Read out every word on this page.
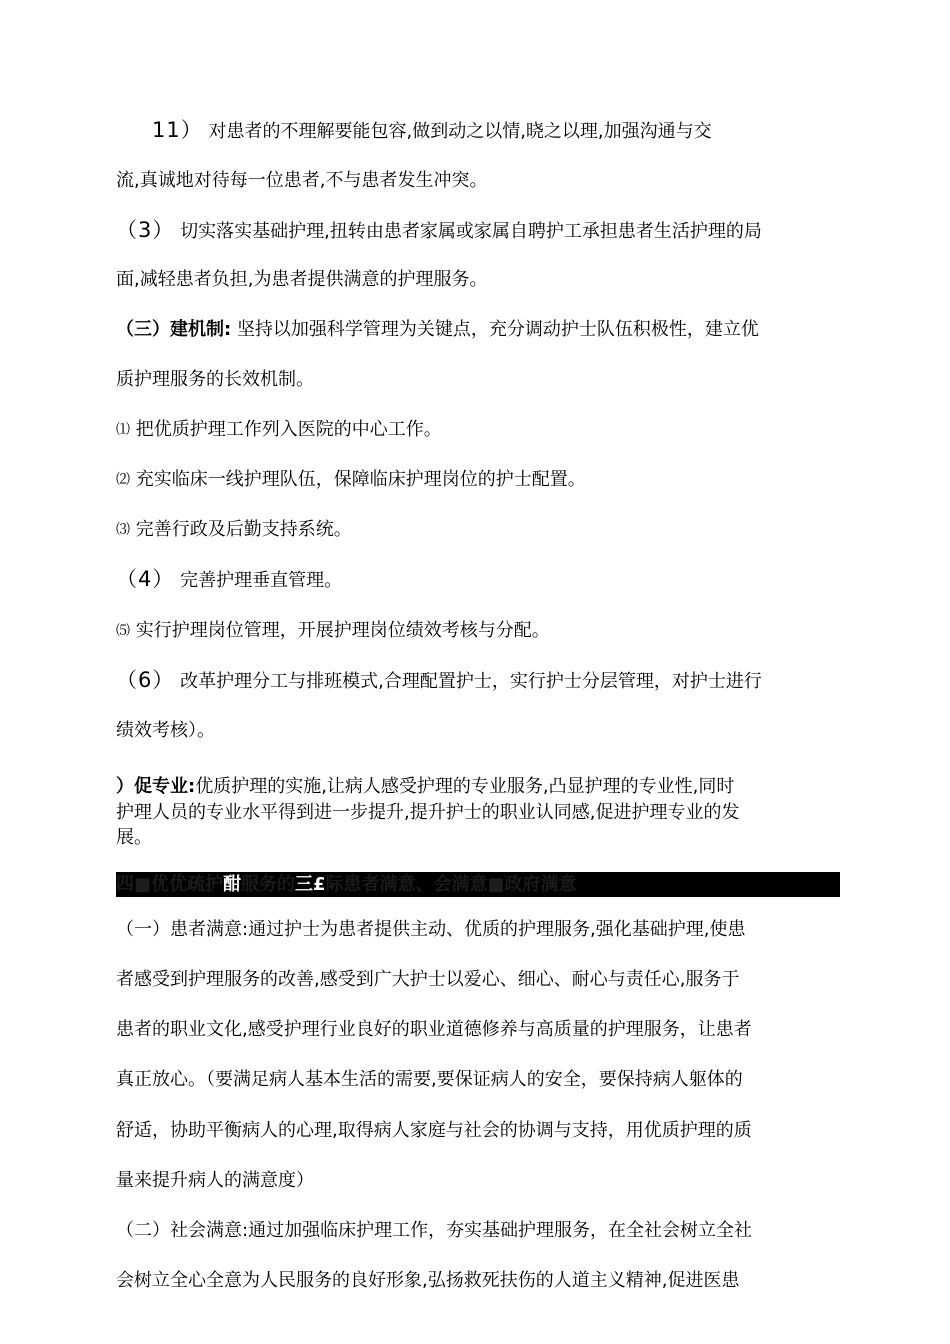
11） 对患者的不理解要能包容,做到动之以情,晓之以理,加强沟通与交
流,真诚地对待每一位患者,不与患者发生冲突。
（3） 切实落实基础护理,扭转由患者家属或家属自聘护工承担患者生活护理的局
面,减轻患者负担,为患者提供满意的护理服务。
（三）建机制: 坚持以加强科学管理为关键点，充分调动护士队伍积极性，建立优
质护理服务的长效机制。
⑴ 把优质护理工作列入医院的中心工作。
⑵ 充实临床一线护理队伍，保障临床护理岗位的护士配置。
⑶ 完善行政及后勤支持系统。
（4） 完善护理垂直管理。
⑸ 实行护理岗位管理，开展护理岗位绩效考核与分配。
（6） 改革护理分工与排班模式,合理配置护士，实行护士分层管理，对护士进行
绩效考核）。
）促专业:优质护理的实施,让病人感受护理的专业服务,凸显护理的专业性,同时
护理人员的专业水平得到进一步提升,提升护士的职业认同感,促进护理专业的发
展。
四■优优疏护酣服务的三£际患者满意、会满意■政府满意
（一）患者满意:通过护士为患者提供主动、优质的护理服务,强化基础护理,使患
者感受到护理服务的改善,感受到广大护士以爱心、细心、耐心与责任心,服务于
患者的职业文化,感受护理行业良好的职业道德修养与高质量的护理服务，让患者
真正放心。（要满足病人基本生活的需要,要保证病人的安全，要保持病人躯体的
舒适，协助平衡病人的心理,取得病人家庭与社会的协调与支持，用优质护理的质
量来提升病人的满意度）
（二）社会满意:通过加强临床护理工作，夯实基础护理服务，在全社会树立全社
会树立全心全意为人民服务的良好形象,弘扬救死扶伤的人道主义精神,促进医患
